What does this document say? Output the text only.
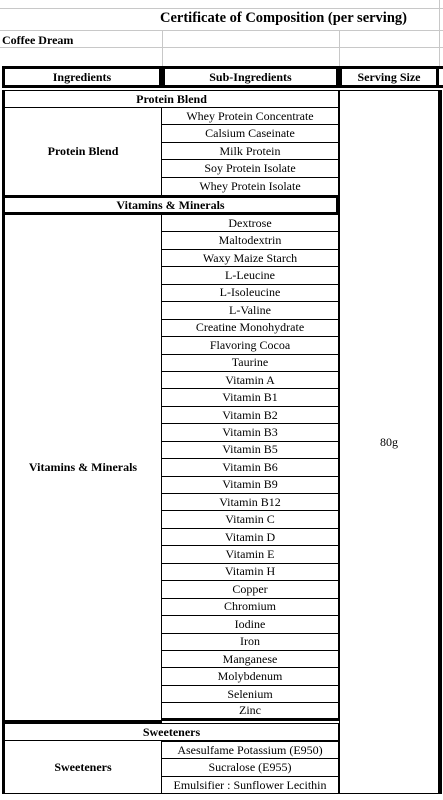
Certificate of Composition (per serving)
Coffee Dream
Ingredients	Sub-Ingredients	Serving Size
Protein Blend
Protein Blend
Vitamins & Minerals
Vitamins & Minerals
Sweeteners
Sweeteners
80g
Whey Protein Concentrate
Calsium Caseinate
Milk Protein
Soy Protein Isolate
Whey Protein Isolate
Dextrose
Maltodextrin
Waxy Maize Starch
L-Leucine
L-Isoleucine
L-Valine
Creatine Monohydrate
Flavoring Cocoa
Taurine
Vitamin A
Vitamin B1
Vitamin B2
Vitamin B3
Vitamin B5
Vitamin B6
Vitamin B9
Vitamin B12
Vitamin C
Vitamin D
Vitamin E
Vitamin H
Copper
Chromium
Iodine
Iron
Manganese
Molybdenum
Selenium
Zinc
Asesulfame Potassium (E950)
Sucralose (E955)
Emulsifier : Sunflower Lecithin
